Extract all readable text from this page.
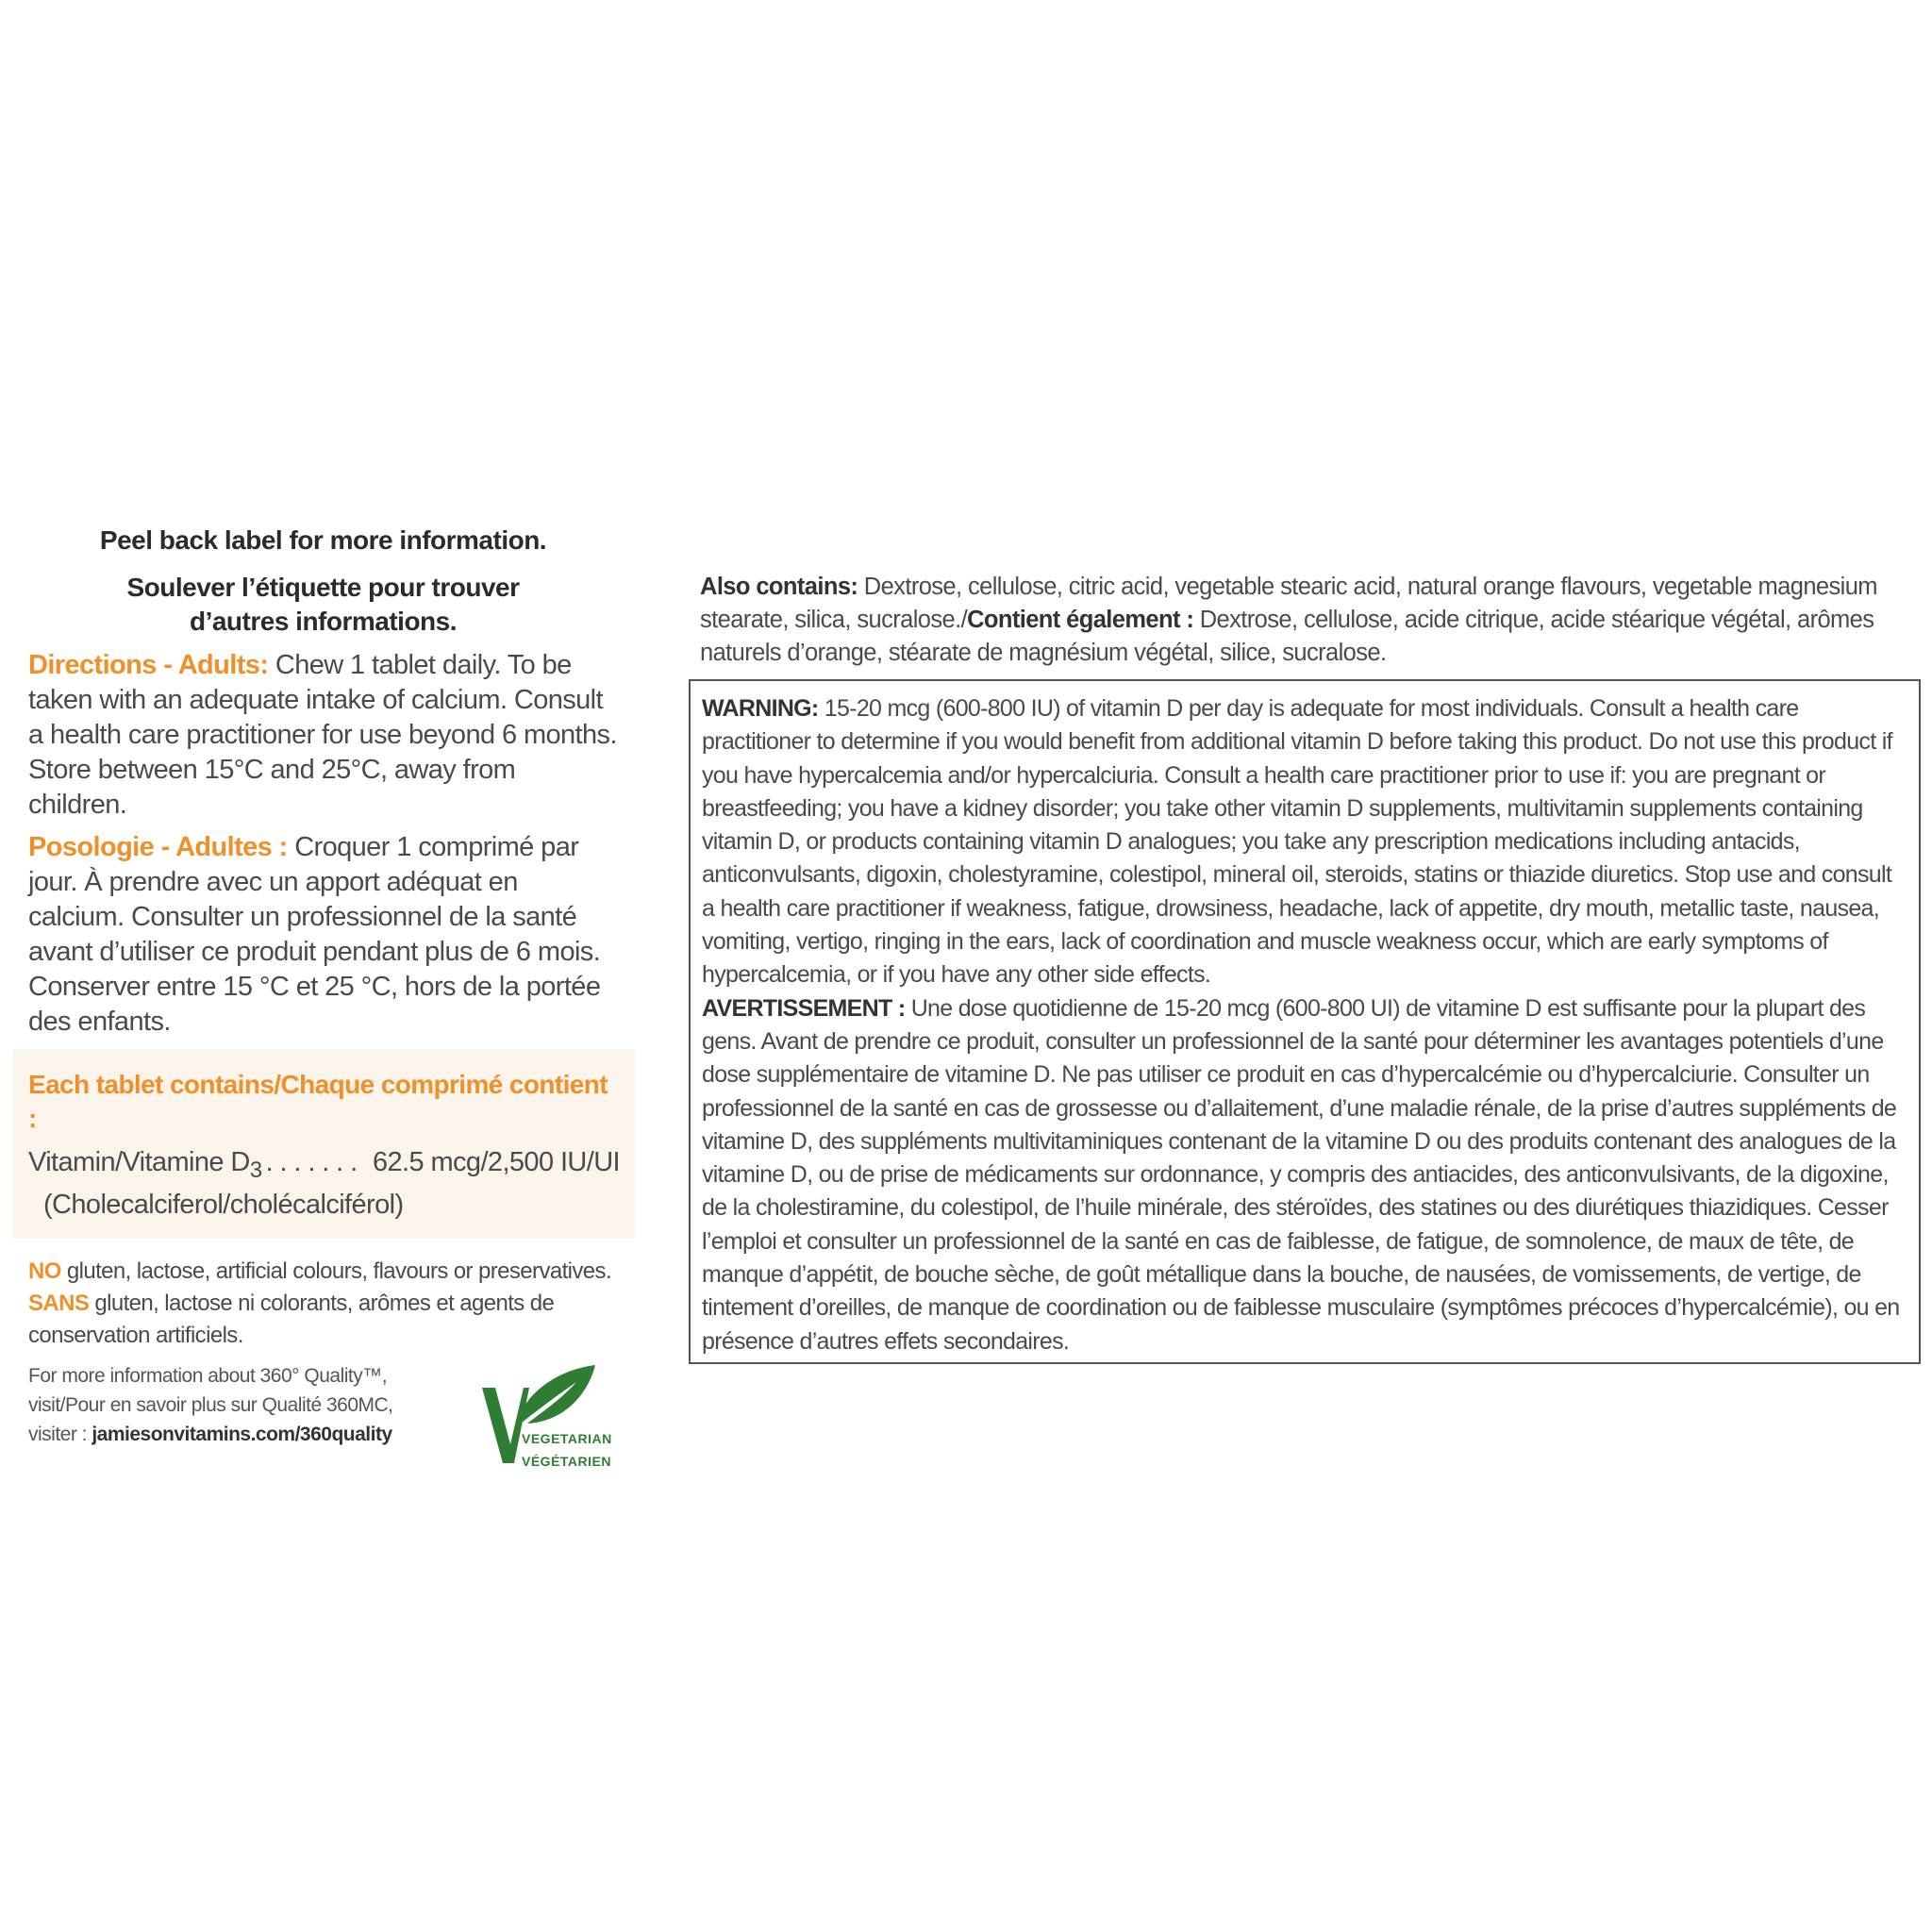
Peel back label for more information.
Soulever l’étiquette pour trouver
d’autres informations.

Directions - Adults: Chew 1 tablet daily. To be taken with an adequate intake of calcium. Consult a health care practitioner for use beyond 6 months. Store between 15°C and 25°C, away from children.

Posologie - Adultes : Croquer 1 comprimé par jour. À prendre avec un apport adéquat en calcium. Consulter un professionnel de la santé avant d’utiliser ce produit pendant plus de 6 mois. Conserver entre 15 °C et 25 °C, hors de la portée des enfants.

Each tablet contains/Chaque comprimé contient :
Vitamin/Vitamine $D_3$ . . . . . . . 62.5 mcg/2,500 IU/UI
(Cholecalciferol/cholécalciférol)
NO gluten, lactose, artificial colours, flavours or preservatives.
SANS gluten, lactose ni colorants, arômes et agents de conservation artificiels.
For more information about 360° Quality™,
visit/Pour en savoir plus sur Qualité 360MC,
visiter : jamiesonvitamins.com/360quality	VEGETARIAN
VÉGÉTARIEN
Also contains: Dextrose, cellulose, citric acid, vegetable stearic acid, natural orange flavours, vegetable magnesium stearate, silica, sucralose./Contient également : Dextrose, cellulose, acide citrique, acide stéarique végétal, arômes naturels d’orange, stéarate de magnésium végétal, silice, sucralose.
WARNING: 15-20 mcg (600-800 IU) of vitamin D per day is adequate for most individuals. Consult a health care practitioner to determine if you would benefit from additional vitamin D before taking this product. Do not use this product if you have hypercalcemia and/or hypercalciuria. Consult a health care practitioner prior to use if: you are pregnant or breastfeeding; you have a kidney disorder; you take other vitamin D supplements, multivitamin supplements containing vitamin D, or products containing vitamin D analogues; you take any prescription medications including antacids, anticonvulsants, digoxin, cholestyramine, colestipol, mineral oil, steroids, statins or thiazide diuretics. Stop use and consult a health care practitioner if weakness, fatigue, drowsiness, headache, lack of appetite, dry mouth, metallic taste, nausea, vomiting, vertigo, ringing in the ears, lack of coordination and muscle weakness occur, which are early symptoms of hypercalcemia, or if you have any other side effects.
AVERTISSEMENT : Une dose quotidienne de 15-20 mcg (600-800 UI) de vitamine D est suffisante pour la plupart des gens. Avant de prendre ce produit, consulter un professionnel de la santé pour déterminer les avantages potentiels d’une dose supplémentaire de vitamine D. Ne pas utiliser ce produit en cas d’hypercalcémie ou d’hypercalciurie. Consulter un professionnel de la santé en cas de grossesse ou d’allaitement, d’une maladie rénale, de la prise d’autres suppléments de vitamine D, des suppléments multivitaminiques contenant de la vitamine D ou des produits contenant des analogues de la vitamine D, ou de prise de médicaments sur ordonnance, y compris des antiacides, des anticonvulsivants, de la digoxine, de la cholestiramine, du colestipol, de l’huile minérale, des stéroïdes, des statines ou des diurétiques thiazidiques. Cesser l’emploi et consulter un professionnel de la santé en cas de faiblesse, de fatigue, de somnolence, de maux de tête, de manque d’appétit, de bouche sèche, de goût métallique dans la bouche, de nausées, de vomissements, de vertige, de tintement d’oreilles, de manque de coordination ou de faiblesse musculaire (symptômes précoces d’hypercalcémie), ou en présence d’autres effets secondaires.
